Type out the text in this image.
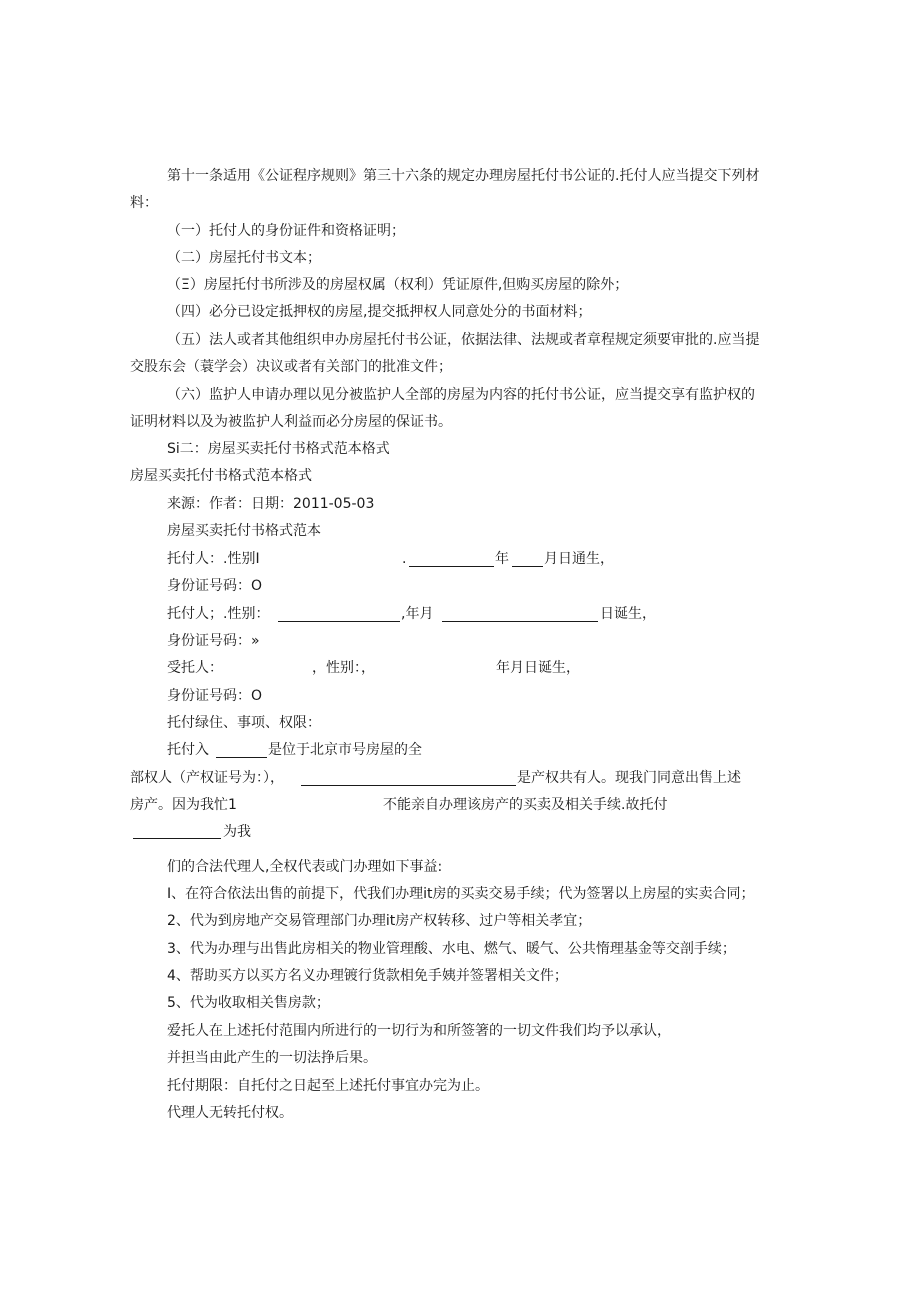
第十一条适用《公证程序规则》第三十六条的规定办理房屋托付书公证的.托付人应当提交下列材
料：
（一）托付人的身份证件和资格证明；
（二）房屋托付书文本；
（Ξ）房屋托付书所涉及的房屋权属（权利）凭证原件,但购买房屋的除外；
（四）必分已设定抵押权的房屋,提交抵押权人同意处分的书面材料；
（五）法人或者其他组织申办房屋托付书公证，依据法律、法规或者章程规定须要审批的.应当提
交股东会（蓑学会）决议或者有关部门的批准文件；
（六）监护人申请办理以见分被监护人全部的房屋为内容的托付书公证，应当提交享有监护权的
证明材料以及为被监护人利益而必分房屋的保证书。
Si二：房屋买卖托付书格式范本格式
房屋买卖托付书格式范本格式
来源：作者：日期：2011-05-03
房屋买卖托付书格式范本
托付人：.性别I	.	年	月日通生，
身份证号码：O
托付人；.性别：	,年月	日诞生，
身份证号码：»
受托人：	，性别：，	年月日诞生，
身份证号码：O
托付绿住、事项、权限：
托付入	是位于北京市号房屋的全
部权人（产权证号为：），	是产权共有人。现我门同意出售上述
房产。因为我忙1	不能亲自办理该房产的买卖及相关手续.故托付
为我
们的合法代理人,全权代表或门办理如下事益:
I、在符合依法出售的前提下，代我们办理it房的买卖交易手续；代为签署以上房屋的实卖合同；
2、代为到房地产交易管理部门办理it房产权转移、过户等相关孝宜；
3、代为办理与出售此房相关的物业管理酸、水电、燃气、暖气、公共惰理基金等交剖手续；
4、帮助买方以买方名义办理镀行货款相免手姨并签署相关文件；
5、代为收取相关售房款；
爱托人在上述托付范围内所进行的一切行为和所签箸的一切文件我们均予以承认，
并担当由此产生的一切法挣后果。
托付期限：自托付之日起至上述托付事宜办完为止。
代理人无转托付权。
